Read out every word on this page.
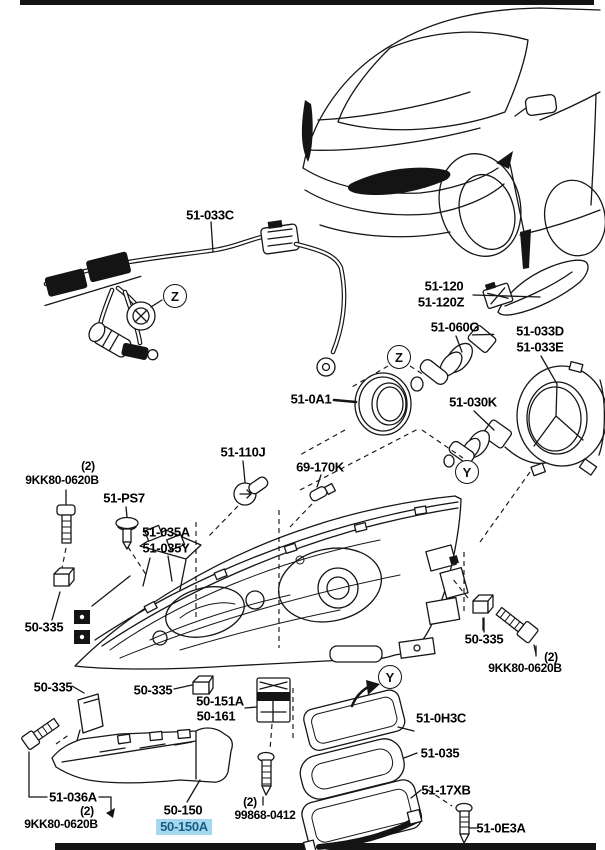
51-033C
51-120
51-120Z
51-060G	51-033D
51-033E
51-0A1	51-030K
51-110J
69-170K
(2)
9KK80-0620B
51-PS7
51-035A
51-035Y
50-335
50-335
(2)
9KK80-0620B
50-335	50-335
50-151A
50-161	51-0H3C
51-035
51-17XB
51-0E3A
51-036A
(2)
9KK80-0620B
50-150
50-150A
(2)
99868-0412
Z
Z
Y
Y
